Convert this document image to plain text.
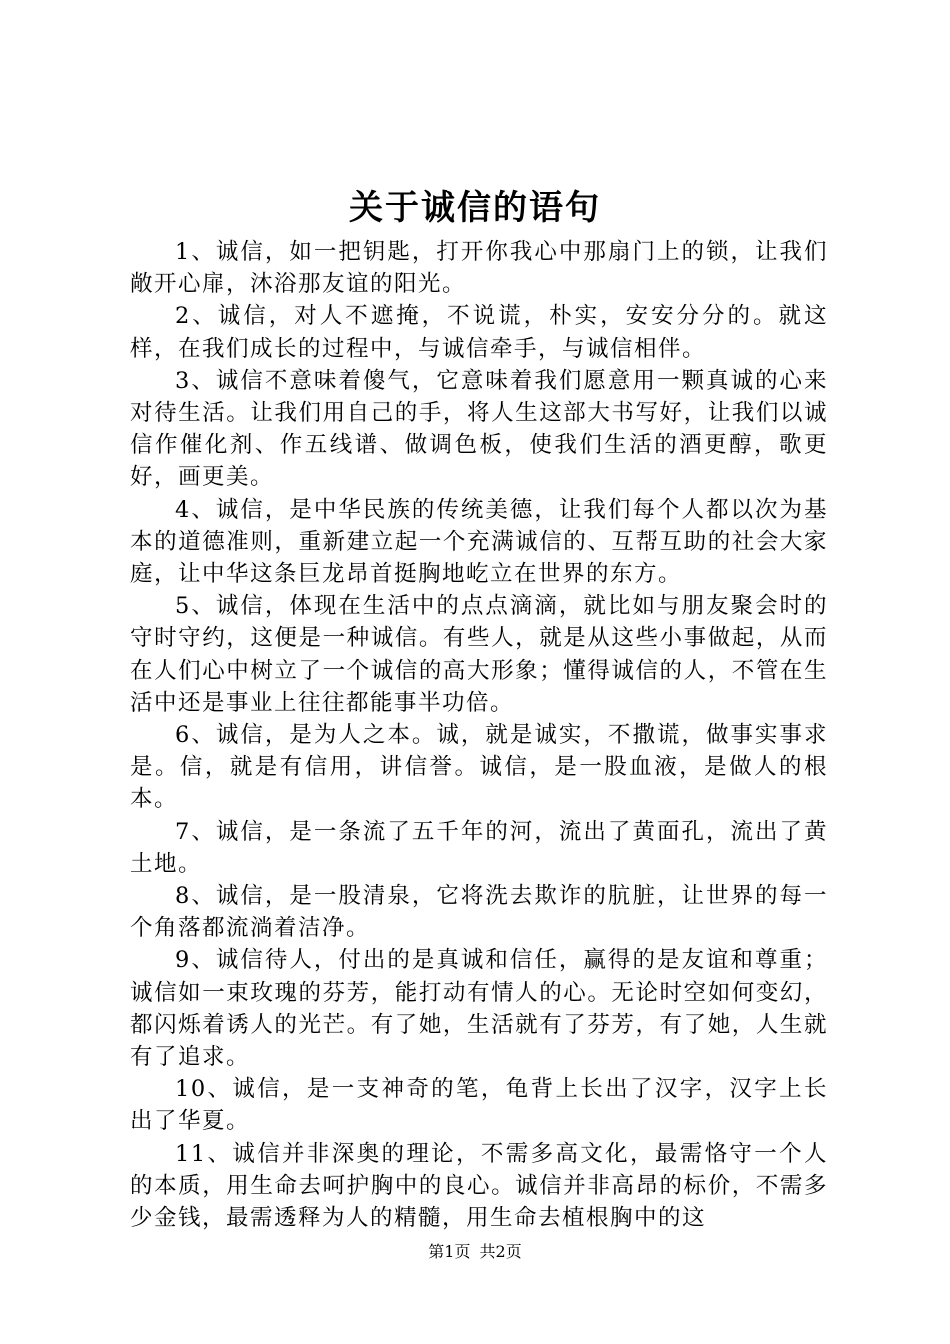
关于诚信的语句

1、诚信，如一把钥匙，打开你我心中那扇门上的锁，让我们敞开心扉，沐浴那友谊的阳光。

2、诚信，对人不遮掩，不说谎，朴实，安安分分的。就这样，在我们成长的过程中，与诚信牵手，与诚信相伴。

3、诚信不意味着傻气，它意味着我们愿意用一颗真诚的心来对待生活。让我们用自己的手，将人生这部大书写好，让我们以诚信作催化剂、作五线谱、做调色板，使我们生活的酒更醇，歌更好，画更美。

4、诚信，是中华民族的传统美德，让我们每个人都以次为基本的道德准则，重新建立起一个充满诚信的、互帮互助的社会大家庭，让中华这条巨龙昂首挺胸地屹立在世界的东方。

5、诚信，体现在生活中的点点滴滴，就比如与朋友聚会时的守时守约，这便是一种诚信。有些人，就是从这些小事做起，从而在人们心中树立了一个诚信的高大形象；懂得诚信的人，不管在生活中还是事业上往往都能事半功倍。

6、诚信，是为人之本。诚，就是诚实，不撒谎，做事实事求是。信，就是有信用，讲信誉。诚信，是一股血液，是做人的根本。

7、诚信，是一条流了五千年的河，流出了黄面孔，流出了黄土地。

8、诚信，是一股清泉，它将洗去欺诈的肮脏，让世界的每一个角落都流淌着洁净。

9、诚信待人，付出的是真诚和信任，赢得的是友谊和尊重；诚信如一束玫瑰的芬芳，能打动有情人的心。无论时空如何变幻，都闪烁着诱人的光芒。有了她，生活就有了芬芳，有了她，人生就有了追求。

10、诚信，是一支神奇的笔，龟背上长出了汉字，汉字上长出了华夏。

11、诚信并非深奥的理论，不需多高文化，最需恪守一个人的本质，用生命去呵护胸中的良心。诚信并非高昂的标价，不需多少金钱，最需透释为人的精髓，用生命去植根胸中的这

第1页 共2页
